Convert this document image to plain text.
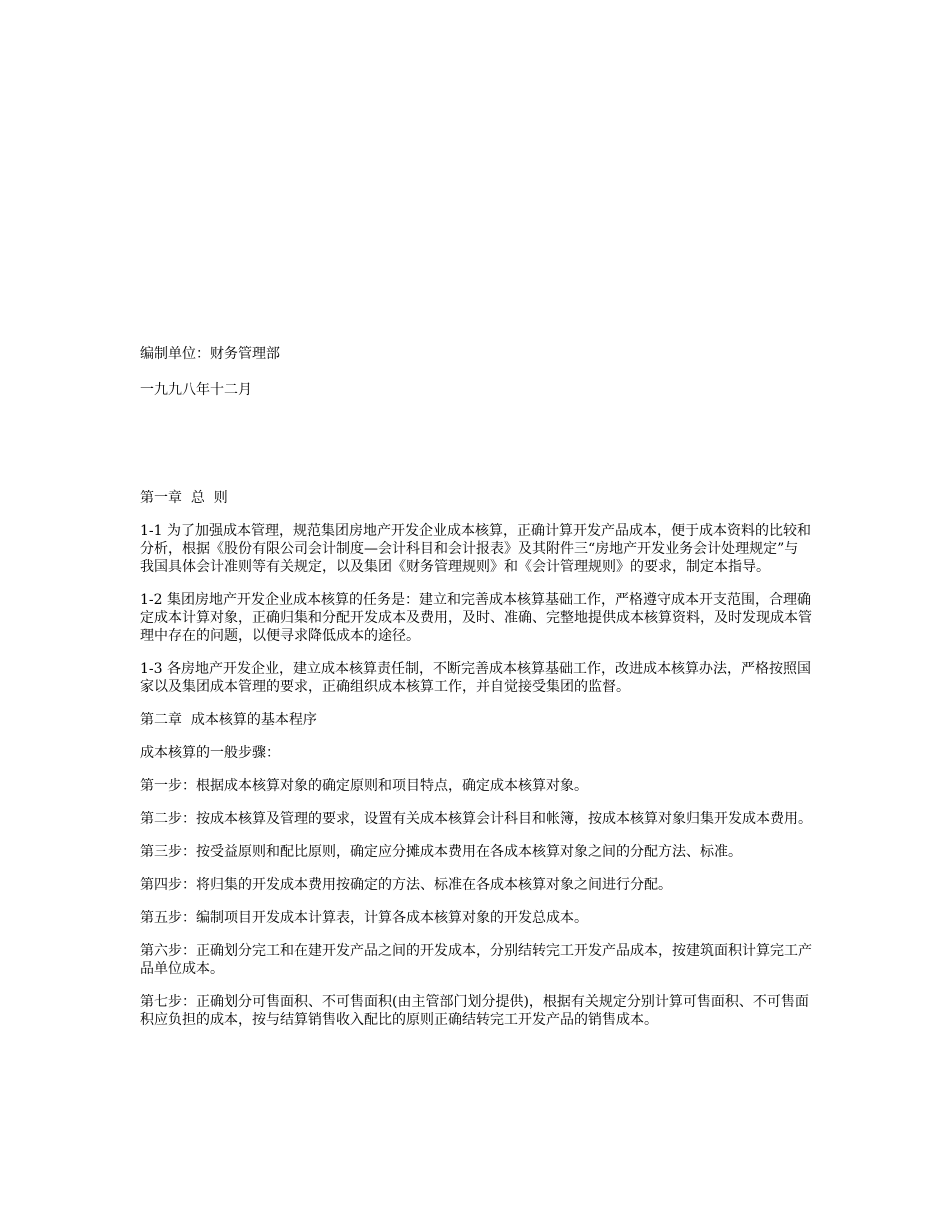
编制单位：财务管理部

一九九八年十二月

第一章  总  则

1-1 为了加强成本管理，规范集团房地产开发企业成本核算，正确计算开发产品成本，便于成本资料的比较和分析，根据《股份有限公司会计制度—会计科目和会计报表》及其附件三“房地产开发业务会计处理规定”与我国具体会计准则等有关规定，以及集团《财务管理规则》和《会计管理规则》的要求，制定本指导。

1-2 集团房地产开发企业成本核算的任务是：建立和完善成本核算基础工作，严格遵守成本开支范围，合理确定成本计算对象，正确归集和分配开发成本及费用，及时、准确、完整地提供成本核算资料，及时发现成本管理中存在的问题，以便寻求降低成本的途径。

1-3 各房地产开发企业，建立成本核算责任制，不断完善成本核算基础工作，改进成本核算办法，严格按照国家以及集团成本管理的要求，正确组织成本核算工作，并自觉接受集团的监督。

第二章  成本核算的基本程序

成本核算的一般步骤：

第一步：根据成本核算对象的确定原则和项目特点，确定成本核算对象。

第二步：按成本核算及管理的要求，设置有关成本核算会计科目和帐簿，按成本核算对象归集开发成本费用。

第三步：按受益原则和配比原则，确定应分摊成本费用在各成本核算对象之间的分配方法、标准。

第四步：将归集的开发成本费用按确定的方法、标准在各成本核算对象之间进行分配。

第五步：编制项目开发成本计算表，计算各成本核算对象的开发总成本。

第六步：正确划分完工和在建开发产品之间的开发成本，分别结转完工开发产品成本，按建筑面积计算完工产品单位成本。

第七步：正确划分可售面积、不可售面积(由主管部门划分提供)，根据有关规定分别计算可售面积、不可售面积应负担的成本，按与结算销售收入配比的原则正确结转完工开发产品的销售成本。
